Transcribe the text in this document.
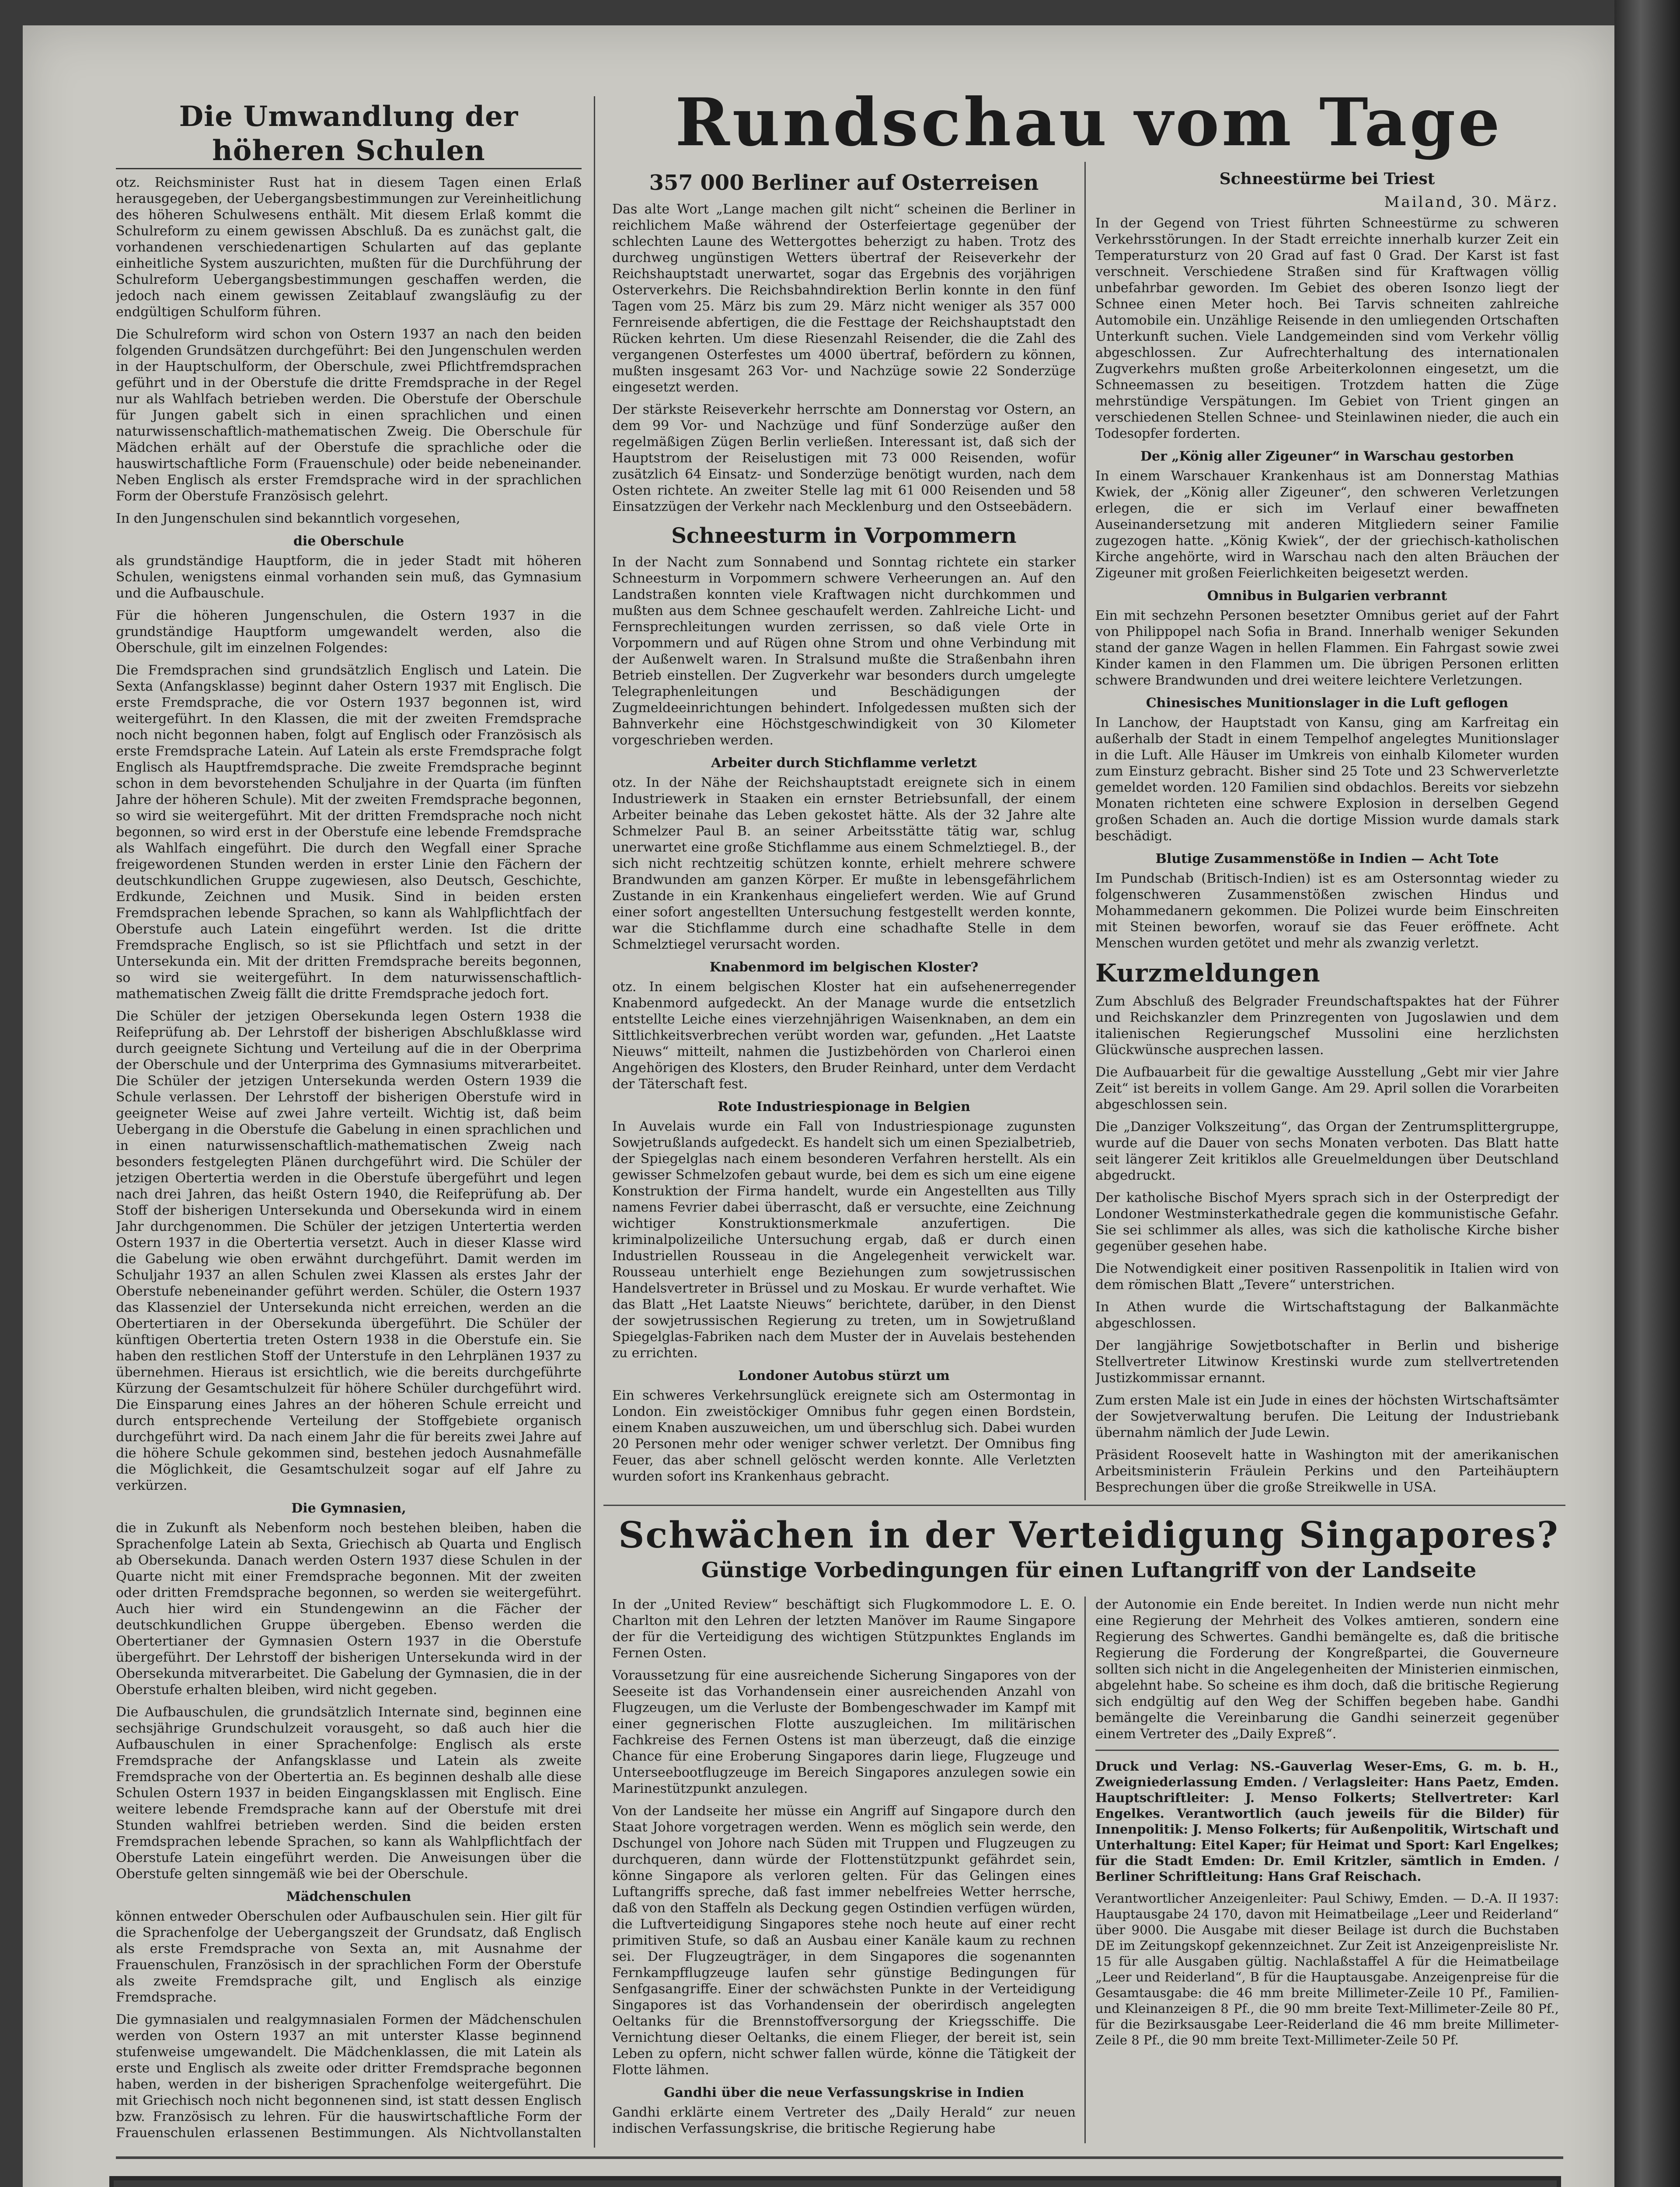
Die Umwandlung der höheren Schulen

otz. Reichsminister Rust hat in diesem Tagen einen Erlaß herausgegeben, der Uebergangsbestimmungen zur Vereinheitlichung des höheren Schulwesens enthält. Mit diesem Erlaß kommt die Schulreform zu einem gewissen Abschluß. Da es zunächst galt, die vorhandenen verschiedenartigen Schularten auf das geplante einheitliche System auszurichten, mußten für die Durchführung der Schulreform Uebergangsbestimmungen geschaffen werden, die jedoch nach einem gewissen Zeitablauf zwangsläufig zu der endgültigen Schulform führen.

Die Schulreform wird schon von Ostern 1937 an nach den beiden folgenden Grundsätzen durchgeführt: Bei den Jungenschulen werden in der Hauptschulform, der Oberschule, zwei Pflichtfremdsprachen geführt und in der Oberstufe die dritte Fremdsprache in der Regel nur als Wahlfach betrieben werden. Die Oberstufe der Oberschule für Jungen gabelt sich in einen sprachlichen und einen naturwissenschaftlich-mathematischen Zweig. Die Oberschule für Mädchen erhält auf der Oberstufe die sprachliche oder die hauswirtschaftliche Form (Frauenschule) oder beide nebeneinander. Neben Englisch als erster Fremdsprache wird in der sprachlichen Form der Oberstufe Französisch gelehrt.

In den Jungenschulen sind bekanntlich vorgesehen,

die Oberschule

als grundständige Hauptform, die in jeder Stadt mit höheren Schulen, wenigstens einmal vorhanden sein muß, das Gymnasium und die Aufbauschule.

Für die höheren Jungenschulen, die Ostern 1937 in die grundständige Hauptform umgewandelt werden, also die Oberschule, gilt im einzelnen Folgendes:

Die Fremdsprachen sind grundsätzlich Englisch und Latein. Die Sexta (Anfangsklasse) beginnt daher Ostern 1937 mit Englisch. Die erste Fremdsprache, die vor Ostern 1937 begonnen ist, wird weitergeführt. In den Klassen, die mit der zweiten Fremdsprache noch nicht begonnen haben, folgt auf Englisch oder Französisch als erste Fremdsprache Latein. Auf Latein als erste Fremdsprache folgt Englisch als Hauptfremdsprache. Die zweite Fremdsprache beginnt schon in dem bevorstehenden Schuljahre in der Quarta (im fünften Jahre der höheren Schule). Mit der zweiten Fremdsprache begonnen, so wird sie weitergeführt. Mit der dritten Fremdsprache noch nicht begonnen, so wird erst in der Oberstufe eine lebende Fremdsprache als Wahlfach eingeführt. Die durch den Wegfall einer Sprache freigewordenen Stunden werden in erster Linie den Fächern der deutschkundlichen Gruppe zugewiesen, also Deutsch, Geschichte, Erdkunde, Zeichnen und Musik. Sind in beiden ersten Fremdsprachen lebende Sprachen, so kann als Wahlpflichtfach der Oberstufe auch Latein eingeführt werden. Ist die dritte Fremdsprache Englisch, so ist sie Pflichtfach und setzt in der Untersekunda ein. Mit der dritten Fremdsprache bereits begonnen, so wird sie weitergeführt. In dem naturwissenschaftlich-mathematischen Zweig fällt die dritte Fremdsprache jedoch fort.

Die Schüler der jetzigen Obersekunda legen Ostern 1938 die Reifeprüfung ab. Der Lehrstoff der bisherigen Abschlußklasse wird durch geeignete Sichtung und Verteilung auf die in der Oberprima der Oberschule und der Unterprima des Gymnasiums mitverarbeitet. Die Schüler der jetzigen Untersekunda werden Ostern 1939 die Schule verlassen. Der Lehrstoff der bisherigen Oberstufe wird in geeigneter Weise auf zwei Jahre verteilt. Wichtig ist, daß beim Uebergang in die Oberstufe die Gabelung in einen sprachlichen und in einen naturwissenschaftlich-mathematischen Zweig nach besonders festgelegten Plänen durchgeführt wird. Die Schüler der jetzigen Obertertia werden in die Oberstufe übergeführt und legen nach drei Jahren, das heißt Ostern 1940, die Reifeprüfung ab. Der Stoff der bisherigen Untersekunda und Obersekunda wird in einem Jahr durchgenommen. Die Schüler der jetzigen Untertertia werden Ostern 1937 in die Obertertia versetzt. Auch in dieser Klasse wird die Gabelung wie oben erwähnt durchgeführt. Damit werden im Schuljahr 1937 an allen Schulen zwei Klassen als erstes Jahr der Oberstufe nebeneinander geführt werden. Schüler, die Ostern 1937 das Klassenziel der Untersekunda nicht erreichen, werden an die Obertertiaren in der Obersekunda übergeführt. Die Schüler der künftigen Obertertia treten Ostern 1938 in die Oberstufe ein. Sie haben den restlichen Stoff der Unterstufe in den Lehrplänen 1937 zu übernehmen. Hieraus ist ersichtlich, wie die bereits durchgeführte Kürzung der Gesamtschulzeit für höhere Schüler durchgeführt wird. Die Einsparung eines Jahres an der höheren Schule erreicht und durch entsprechende Verteilung der Stoffgebiete organisch durchgeführt wird. Da nach einem Jahr die für bereits zwei Jahre auf die höhere Schule gekommen sind, bestehen jedoch Ausnahmefälle die Möglichkeit, die Gesamtschulzeit sogar auf elf Jahre zu verkürzen.

Die Gymnasien,

die in Zukunft als Nebenform noch bestehen bleiben, haben die Sprachenfolge Latein ab Sexta, Griechisch ab Quarta und Englisch ab Obersekunda. Danach werden Ostern 1937 diese Schulen in der Quarte nicht mit einer Fremdsprache begonnen. Mit der zweiten oder dritten Fremdsprache begonnen, so werden sie weitergeführt. Auch hier wird ein Stundengewinn an die Fächer der deutschkundlichen Gruppe übergeben. Ebenso werden die Obertertianer der Gymnasien Ostern 1937 in die Oberstufe übergeführt. Der Lehrstoff der bisherigen Untersekunda wird in der Obersekunda mitverarbeitet. Die Gabelung der Gymnasien, die in der Oberstufe erhalten bleiben, wird nicht gegeben.

Die Aufbauschulen, die grundsätzlich Internate sind, beginnen eine sechsjährige Grundschulzeit vorausgeht, so daß auch hier die Aufbauschulen in einer Sprachenfolge: Englisch als erste Fremdsprache der Anfangsklasse und Latein als zweite Fremdsprache von der Obertertia an. Es beginnen deshalb alle diese Schulen Ostern 1937 in beiden Eingangsklassen mit Englisch. Eine weitere lebende Fremdsprache kann auf der Oberstufe mit drei Stunden wahlfrei betrieben werden. Sind die beiden ersten Fremdsprachen lebende Sprachen, so kann als Wahlpflichtfach der Oberstufe Latein eingeführt werden. Die Anweisungen über die Oberstufe gelten sinngemäß wie bei der Oberschule.

Mädchenschulen

können entweder Oberschulen oder Aufbauschulen sein. Hier gilt für die Sprachenfolge der Uebergangszeit der Grundsatz, daß Englisch als erste Fremdsprache von Sexta an, mit Ausnahme der Frauenschulen, Französisch in der sprachlichen Form der Oberstufe als zweite Fremdsprache gilt, und Englisch als einzige Fremdsprache.

Die gymnasialen und realgymnasialen Formen der Mädchenschulen werden von Ostern 1937 an mit unterster Klasse beginnend stufenweise umgewandelt. Die Mädchenklassen, die mit Latein als erste und Englisch als zweite oder dritter Fremdsprache begonnen haben, werden in der bisherigen Sprachenfolge weitergeführt. Die mit Griechisch noch nicht begonnenen sind, ist statt dessen Englisch bzw. Französisch zu lehren. Für die hauswirtschaftliche Form der Frauenschulen erlassenen Bestimmungen. Als Nichtvollanstalten

Rundschau vom Tage
357 000 Berliner auf Osterreisen

Das alte Wort „Lange machen gilt nicht“ scheinen die Berliner in reichlichem Maße während der Osterfeiertage gegenüber der schlechten Laune des Wettergottes beherzigt zu haben. Trotz des durchweg ungünstigen Wetters übertraf der Reiseverkehr der Reichshauptstadt unerwartet, sogar das Ergebnis des vorjährigen Osterverkehrs. Die Reichsbahndirektion Berlin konnte in den fünf Tagen vom 25. März bis zum 29. März nicht weniger als 357 000 Fernreisende abfertigen, die die Festtage der Reichshauptstadt den Rücken kehrten. Um diese Riesenzahl Reisender, die die Zahl des vergangenen Osterfestes um 4000 übertraf, befördern zu können, mußten insgesamt 263 Vor- und Nachzüge sowie 22 Sonderzüge eingesetzt werden.

Der stärkste Reiseverkehr herrschte am Donnerstag vor Ostern, an dem 99 Vor- und Nachzüge und fünf Sonderzüge außer den regelmäßigen Zügen Berlin verließen. Interessant ist, daß sich der Hauptstrom der Reiselustigen mit 73 000 Reisenden, wofür zusätzlich 64 Einsatz- und Sonderzüge benötigt wurden, nach dem Osten richtete. An zweiter Stelle lag mit 61 000 Reisenden und 58 Einsatzzügen der Verkehr nach Mecklenburg und den Ostseebädern.

Schneesturm in Vorpommern

In der Nacht zum Sonnabend und Sonntag richtete ein starker Schneesturm in Vorpommern schwere Verheerungen an. Auf den Landstraßen konnten viele Kraftwagen nicht durchkommen und mußten aus dem Schnee geschaufelt werden. Zahlreiche Licht- und Fernsprechleitungen wurden zerrissen, so daß viele Orte in Vorpommern und auf Rügen ohne Strom und ohne Verbindung mit der Außenwelt waren. In Stralsund mußte die Straßenbahn ihren Betrieb einstellen. Der Zugverkehr war besonders durch umgelegte Telegraphenleitungen und Beschädigungen der Zugmeldeeinrichtungen behindert. Infolgedessen mußten sich der Bahnverkehr eine Höchstgeschwindigkeit von 30 Kilometer vorgeschrieben werden.

Arbeiter durch Stichflamme verletzt

otz. In der Nähe der Reichshauptstadt ereignete sich in einem Industriewerk in Staaken ein ernster Betriebsunfall, der einem Arbeiter beinahe das Leben gekostet hätte. Als der 32 Jahre alte Schmelzer Paul B. an seiner Arbeitsstätte tätig war, schlug unerwartet eine große Stichflamme aus einem Schmelztiegel. B., der sich nicht rechtzeitig schützen konnte, erhielt mehrere schwere Brandwunden am ganzen Körper. Er mußte in lebensgefährlichem Zustande in ein Krankenhaus eingeliefert werden. Wie auf Grund einer sofort angestellten Untersuchung festgestellt werden konnte, war die Stichflamme durch eine schadhafte Stelle in dem Schmelztiegel verursacht worden.

Knabenmord im belgischen Kloster?

otz. In einem belgischen Kloster hat ein aufsehenerregender Knabenmord aufgedeckt. An der Manage wurde die entsetzlich entstellte Leiche eines vierzehnjährigen Waisenknaben, an dem ein Sittlichkeitsverbrechen verübt worden war, gefunden. „Het Laatste Nieuws“ mitteilt, nahmen die Justizbehörden von Charleroi einen Angehörigen des Klosters, den Bruder Reinhard, unter dem Verdacht der Täterschaft fest.

Rote Industriespionage in Belgien

In Auvelais wurde ein Fall von Industriespionage zugunsten Sowjetrußlands aufgedeckt. Es handelt sich um einen Spezialbetrieb, der Spiegelglas nach einem besonderen Verfahren herstellt. Als ein gewisser Schmelzofen gebaut wurde, bei dem es sich um eine eigene Konstruktion der Firma handelt, wurde ein Angestellten aus Tilly namens Fevrier dabei überrascht, daß er versuchte, eine Zeichnung wichtiger Konstruktionsmerkmale anzufertigen. Die kriminalpolizeiliche Untersuchung ergab, daß er durch einen Industriellen Rousseau in die Angelegenheit verwickelt war. Rousseau unterhielt enge Beziehungen zum sowjetrussischen Handelsvertreter in Brüssel und zu Moskau. Er wurde verhaftet. Wie das Blatt „Het Laatste Nieuws“ berichtete, darüber, in den Dienst der sowjetrussischen Regierung zu treten, um in Sowjetrußland Spiegelglas-Fabriken nach dem Muster der in Auvelais bestehenden zu errichten.

Londoner Autobus stürzt um

Ein schweres Verkehrsunglück ereignete sich am Ostermontag in London. Ein zweistöckiger Omnibus fuhr gegen einen Bordstein, einem Knaben auszuweichen, um und überschlug sich. Dabei wurden 20 Personen mehr oder weniger schwer verletzt. Der Omnibus fing Feuer, das aber schnell gelöscht werden konnte. Alle Verletzten wurden sofort ins Krankenhaus gebracht.

Schneestürme bei Triest
Mailand, 30. März.

In der Gegend von Triest führten Schneestürme zu schweren Verkehrsstörungen. In der Stadt erreichte innerhalb kurzer Zeit ein Temperatursturz von 20 Grad auf fast 0 Grad. Der Karst ist fast verschneit. Verschiedene Straßen sind für Kraftwagen völlig unbefahrbar geworden. Im Gebiet des oberen Isonzo liegt der Schnee einen Meter hoch. Bei Tarvis schneiten zahlreiche Automobile ein. Unzählige Reisende in den umliegenden Ortschaften Unterkunft suchen. Viele Landgemeinden sind vom Verkehr völlig abgeschlossen. Zur Aufrechterhaltung des internationalen Zugverkehrs mußten große Arbeiterkolonnen eingesetzt, um die Schneemassen zu beseitigen. Trotzdem hatten die Züge mehrstündige Verspätungen. Im Gebiet von Trient gingen an verschiedenen Stellen Schnee- und Steinlawinen nieder, die auch ein Todesopfer forderten.

Der „König aller Zigeuner“ in Warschau gestorben

In einem Warschauer Krankenhaus ist am Donnerstag Mathias Kwiek, der „König aller Zigeuner“, den schweren Verletzungen erlegen, die er sich im Verlauf einer bewaffneten Auseinandersetzung mit anderen Mitgliedern seiner Familie zugezogen hatte. „König Kwiek“, der der griechisch-katholischen Kirche angehörte, wird in Warschau nach den alten Bräuchen der Zigeuner mit großen Feierlichkeiten beigesetzt werden.

Omnibus in Bulgarien verbrannt

Ein mit sechzehn Personen besetzter Omnibus geriet auf der Fahrt von Philippopel nach Sofia in Brand. Innerhalb weniger Sekunden stand der ganze Wagen in hellen Flammen. Ein Fahrgast sowie zwei Kinder kamen in den Flammen um. Die übrigen Personen erlitten schwere Brandwunden und drei weitere leichtere Verletzungen.

Chinesisches Munitionslager in die Luft geflogen

In Lanchow, der Hauptstadt von Kansu, ging am Karfreitag ein außerhalb der Stadt in einem Tempelhof angelegtes Munitionslager in die Luft. Alle Häuser im Umkreis von einhalb Kilometer wurden zum Einsturz gebracht. Bisher sind 25 Tote und 23 Schwerverletzte gemeldet worden. 120 Familien sind obdachlos. Bereits vor siebzehn Monaten richteten eine schwere Explosion in derselben Gegend großen Schaden an. Auch die dortige Mission wurde damals stark beschädigt.

Blutige Zusammenstöße in Indien — Acht Tote

Im Pundschab (Britisch-Indien) ist es am Ostersonntag wieder zu folgenschweren Zusammenstößen zwischen Hindus und Mohammedanern gekommen. Die Polizei wurde beim Einschreiten mit Steinen beworfen, worauf sie das Feuer eröffnete. Acht Menschen wurden getötet und mehr als zwanzig verletzt.

Kurzmeldungen

Zum Abschluß des Belgrader Freundschaftspaktes hat der Führer und Reichskanzler dem Prinzregenten von Jugoslawien und dem italienischen Regierungschef Mussolini eine herzlichsten Glückwünsche ausprechen lassen.

Die Aufbauarbeit für die gewaltige Ausstellung „Gebt mir vier Jahre Zeit“ ist bereits in vollem Gange. Am 29. April sollen die Vorarbeiten abgeschlossen sein.

Die „Danziger Volkszeitung“, das Organ der Zentrumsplittergruppe, wurde auf die Dauer von sechs Monaten verboten. Das Blatt hatte seit längerer Zeit kritiklos alle Greuelmeldungen über Deutschland abgedruckt.

Der katholische Bischof Myers sprach sich in der Osterpredigt der Londoner Westminsterkathedrale gegen die kommunistische Gefahr. Sie sei schlimmer als alles, was sich die katholische Kirche bisher gegenüber gesehen habe.

Die Notwendigkeit einer positiven Rassenpolitik in Italien wird von dem römischen Blatt „Tevere“ unterstrichen.

In Athen wurde die Wirtschaftstagung der Balkanmächte abgeschlossen.

Der langjährige Sowjetbotschafter in Berlin und bisherige Stellvertreter Litwinow Krestinski wurde zum stellvertretenden Justizkommissar ernannt.

Zum ersten Male ist ein Jude in eines der höchsten Wirtschaftsämter der Sowjetverwaltung berufen. Die Leitung der Industriebank übernahm nämlich der Jude Lewin.

Präsident Roosevelt hatte in Washington mit der amerikanischen Arbeitsministerin Fräulein Perkins und den Parteihäuptern Besprechungen über die große Streikwelle in USA.

Schwächen in der Verteidigung Singapores?
Günstige Vorbedingungen für einen Luftangriff von der Landseite

In der „United Review“ beschäftigt sich Flugkommodore L. E. O. Charlton mit den Lehren der letzten Manöver im Raume Singapore der für die Verteidigung des wichtigen Stützpunktes Englands im Fernen Osten.

Voraussetzung für eine ausreichende Sicherung Singapores von der Seeseite ist das Vorhandensein einer ausreichenden Anzahl von Flugzeugen, um die Verluste der Bombengeschwader im Kampf mit einer gegnerischen Flotte auszugleichen. Im militärischen Fachkreise des Fernen Ostens ist man überzeugt, daß die einzige Chance für eine Eroberung Singapores darin liege, Flugzeuge und Unterseebootflugzeuge im Bereich Singapores anzulegen sowie ein Marinestützpunkt anzulegen.

Von der Landseite her müsse ein Angriff auf Singapore durch den Staat Johore vorgetragen werden. Wenn es möglich sein werde, den Dschungel von Johore nach Süden mit Truppen und Flugzeugen zu durchqueren, dann würde der Flottenstützpunkt gefährdet sein, könne Singapore als verloren gelten. Für das Gelingen eines Luftangriffs spreche, daß fast immer nebelfreies Wetter herrsche, daß von den Staffeln als Deckung gegen Ostindien verfügen würden, die Luftverteidigung Singapores stehe noch heute auf einer recht primitiven Stufe, so daß an Ausbau einer Kanäle kaum zu rechnen sei. Der Flugzeugträger, in dem Singapores die sogenannten Fernkampfflugzeuge laufen sehr günstige Bedingungen für Senfgasangriffe. Einer der schwächsten Punkte in der Verteidigung Singapores ist das Vorhandensein der oberirdisch angelegten Oeltanks für die Brennstoffversorgung der Kriegsschiffe. Die Vernichtung dieser Oeltanks, die einem Flieger, der bereit ist, sein Leben zu opfern, nicht schwer fallen würde, könne die Tätigkeit der Flotte lähmen.

Gandhi über die neue Verfassungskrise in Indien

Gandhi erklärte einem Vertreter des „Daily Herald“ zur neuen indischen Verfassungskrise, die britische Regierung habe

der Autonomie ein Ende bereitet. In Indien werde nun nicht mehr eine Regierung der Mehrheit des Volkes amtieren, sondern eine Regierung des Schwertes. Gandhi bemängelte es, daß die britische Regierung die Forderung der Kongreßpartei, die Gouverneure sollten sich nicht in die Angelegenheiten der Ministerien einmischen, abgelehnt habe. So scheine es ihm doch, daß die britische Regierung sich endgültig auf den Weg der Schiffen begeben habe. Gandhi bemängelte die Vereinbarung die Gandhi seinerzeit gegenüber einem Vertreter des „Daily Expreß“.

Druck und Verlag: NS.-Gauverlag Weser-Ems, G. m. b. H., Zweigniederlassung Emden. / Verlagsleiter: Hans Paetz, Emden. Hauptschriftleiter: J. Menso Folkerts; Stellvertreter: Karl Engelkes. Verantwortlich (auch jeweils für die Bilder) für Innenpolitik: J. Menso Folkerts; für Außenpolitik, Wirtschaft und Unterhaltung: Eitel Kaper; für Heimat und Sport: Karl Engelkes; für die Stadt Emden: Dr. Emil Kritzler, sämtlich in Emden. / Berliner Schriftleitung: Hans Graf Reischach.

Verantwortlicher Anzeigenleiter: Paul Schiwy, Emden. — D.-A. II 1937: Hauptausgabe 24 170, davon mit Heimatbeilage „Leer und Reiderland“ über 9000. Die Ausgabe mit dieser Beilage ist durch die Buchstaben DE im Zeitungskopf gekennzeichnet. Zur Zeit ist Anzeigenpreisliste Nr. 15 für alle Ausgaben gültig. Nachlaßstaffel A für die Heimatbeilage „Leer und Reiderland“, B für die Hauptausgabe. Anzeigenpreise für die Gesamtausgabe: die 46 mm breite Millimeter-Zeile 10 Pf., Familien- und Kleinanzeigen 8 Pf., die 90 mm breite Text-Millimeter-Zeile 80 Pf., für die Bezirksausgabe Leer-Reiderland die 46 mm breite Millimeter-Zeile 8 Pf., die 90 mm breite Text-Millimeter-Zeile 50 Pf.
